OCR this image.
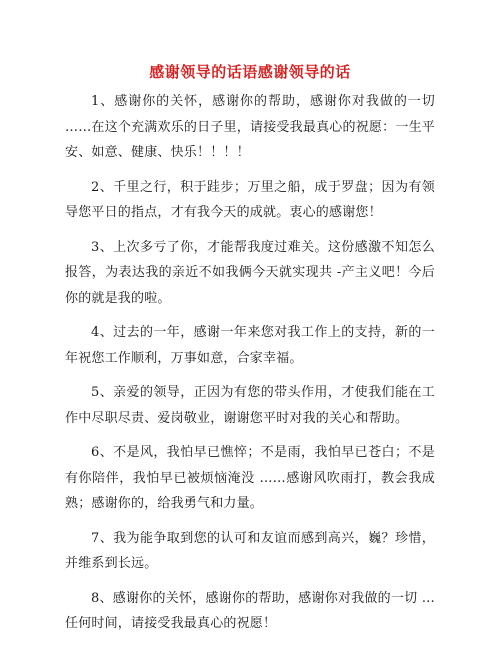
感谢领导的话语感谢领导的话

1、感谢你的关怀，感谢你的帮助，感谢你对我做的一切 ……在这个充满欢乐的日子里，请接受我最真心的祝愿：一生平安、如意、健康、快乐！！！！

2、千里之行，积于跬步；万里之船，成于罗盘；因为有领导您平日的指点，才有我今天的成就。衷心的感谢您！

3、上次多亏了你，才能帮我度过难关。这份感激不知怎么报答，为表达我的亲近不如我俩今天就实现共 -产主义吧！今后你的就是我的啦。

4、过去的一年，感谢一年来您对我工作上的支持，新的一年祝您工作顺利，万事如意，合家幸福。

5、亲爱的领导，正因为有您的带头作用，才使我们能在工作中尽职尽责、爱岗敬业，谢谢您平时对我的关心和帮助。

6、不是风，我怕早已憔悴；不是雨，我怕早已苍白；不是有你陪伴，我怕早已被烦恼淹没 ……感谢风吹雨打，教会我成熟；感谢你的，给我勇气和力量。

7、我为能争取到您的认可和友谊而感到高兴，巍？珍惜，并维系到长远。

8、感谢你的关怀，感谢你的帮助，感谢你对我做的一切 …任何时间，请接受我最真心的祝愿！
